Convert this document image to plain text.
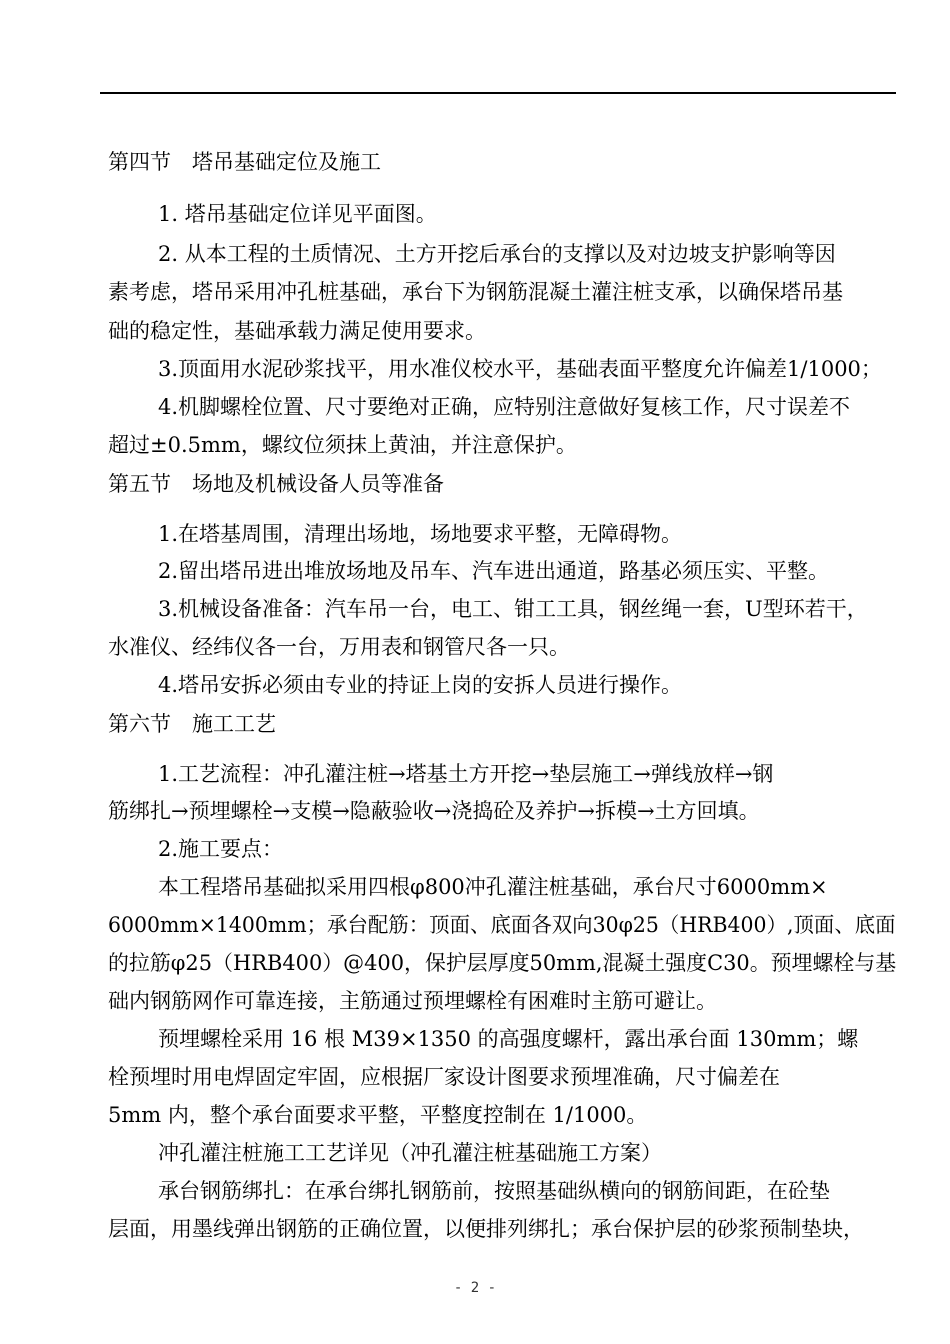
第四节　塔吊基础定位及施工
1. 塔吊基础定位详见平面图。
2. 从本工程的土质情况、土方开挖后承台的支撑以及对边坡支护影响等因
素考虑，塔吊采用冲孔桩基础，承台下为钢筋混凝土灌注桩支承，以确保塔吊基
础的稳定性，基础承载力满足使用要求。
3.顶面用水泥砂浆找平，用水准仪校水平，基础表面平整度允许偏差1/1000；
4.机脚螺栓位置、尺寸要绝对正确，应特别注意做好复核工作，尺寸误差不
超过±0.5mm，螺纹位须抹上黄油，并注意保护。
第五节　场地及机械设备人员等准备
1.在塔基周围，清理出场地，场地要求平整，无障碍物。
2.留出塔吊进出堆放场地及吊车、汽车进出通道，路基必须压实、平整。
3.机械设备准备：汽车吊一台，电工、钳工工具，钢丝绳一套，U型环若干，
水准仪、经纬仪各一台，万用表和钢管尺各一只。
4.塔吊安拆必须由专业的持证上岗的安拆人员进行操作。
第六节　施工工艺
1.工艺流程：冲孔灌注桩→塔基土方开挖→垫层施工→弹线放样→钢
筋绑扎→预埋螺栓→支模→隐蔽验收→浇捣砼及养护→拆模→土方回填。
2.施工要点：
本工程塔吊基础拟采用四根φ800冲孔灌注桩基础，承台尺寸6000mm×
6000mm×1400mm；承台配筋：顶面、底面各双向30φ25（HRB400）,顶面、底面
的拉筋φ25（HRB400）@400，保护层厚度50mm,混凝土强度C30。预埋螺栓与基
础内钢筋网作可靠连接，主筋通过预埋螺栓有困难时主筋可避让。
预埋螺栓采用 16 根 M39×1350 的高强度螺杆，露出承台面 130mm；螺
栓预埋时用电焊固定牢固，应根据厂家设计图要求预埋准确，尺寸偏差在
5mm 内，整个承台面要求平整，平整度控制在 1/1000。
冲孔灌注桩施工工艺详见（冲孔灌注桩基础施工方案）
承台钢筋绑扎：在承台绑扎钢筋前，按照基础纵横向的钢筋间距，在砼垫
层面，用墨线弹出钢筋的正确位置，以便排列绑扎；承台保护层的砂浆预制垫块，
- 2 -
